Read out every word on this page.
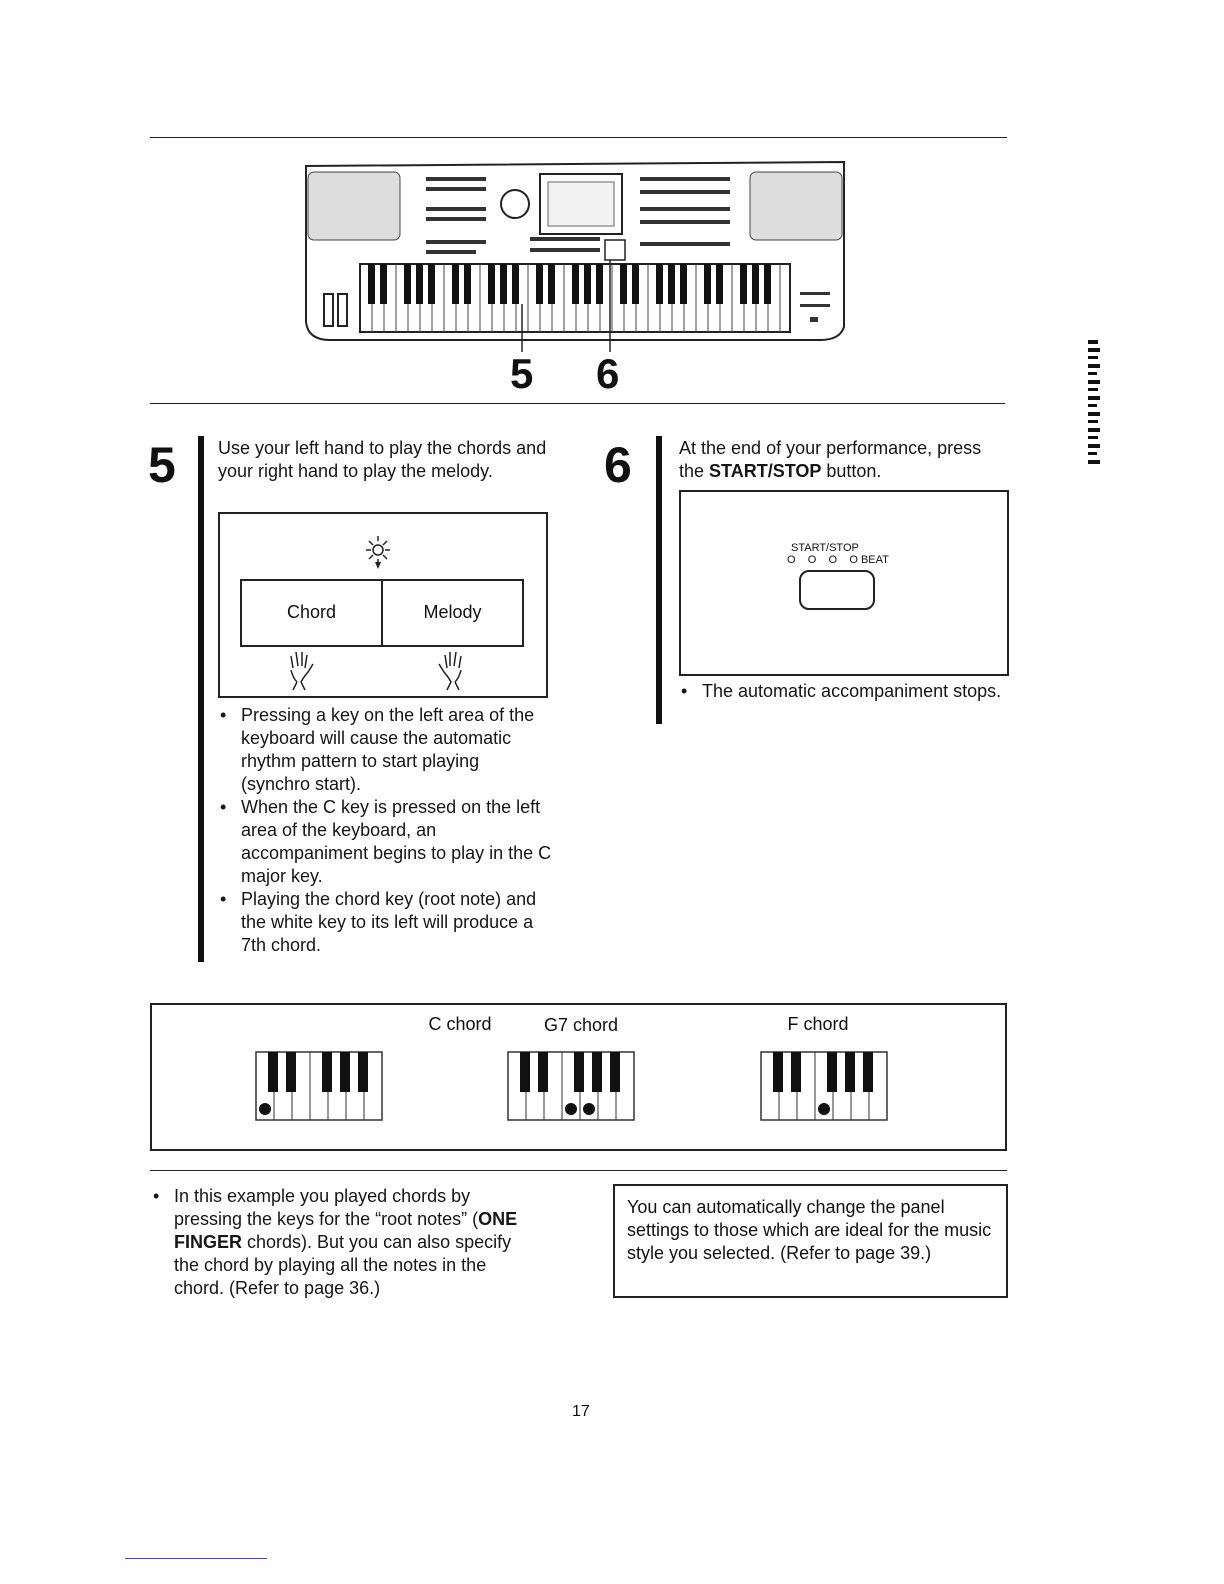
5 6
5 Use your left hand to play the chords and your right hand to play the melody.
Chord	Melody
• Pressing a key on the left area of the keyboard will cause the automatic rhythm pattern to start playing (synchro start).
• When the C key is pressed on the left area of the keyboard, an accompaniment begins to play in the C major key.
• Playing the chord key (root note) and the white key to its left will produce a 7th chord.
6	At the end of your performance, press the START/STOP button.
START/STOP
O    O    O    O BEAT
• The automatic accompaniment stops.
C chord	G7 chord	F chord
• In this example you played chords by pressing the keys for the “root notes” (ONE FINGER chords). But you can also specify the chord by playing all the notes in the chord. (Refer to page 36.)
You can automatically change the panel settings to those which are ideal for the music style you selected. (Refer to page 39.)
17
